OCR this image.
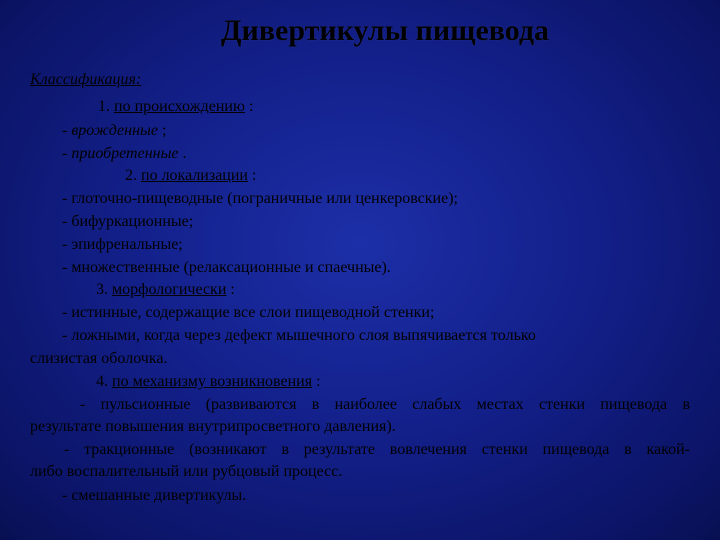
Дивертикулы пищевода
Классификация:
1. по происхождению :
- врожденные ;
- приобретенные .
2. по локализации :
- глоточно-пищеводные (пограничные или ценкеровские);
- бифуркационные;
- эпифренальные;
- множественные (релаксационные и спаечные).
3. морфологически :
- истинные, содержащие все слои пищеводной стенки;
- ложными, когда через дефект мышечного слоя выпячивается только
слизистая оболочка.
4. по механизму возникновения :
- пульсионные (развиваются в наиболее слабых местах стенки пищевода в
результате повышения внутрипросветного давления).
- тракционные (возникают в результате вовлечения стенки пищевода в какой-
либо воспалительный или рубцовый процесс.
- смешанные дивертикулы.
